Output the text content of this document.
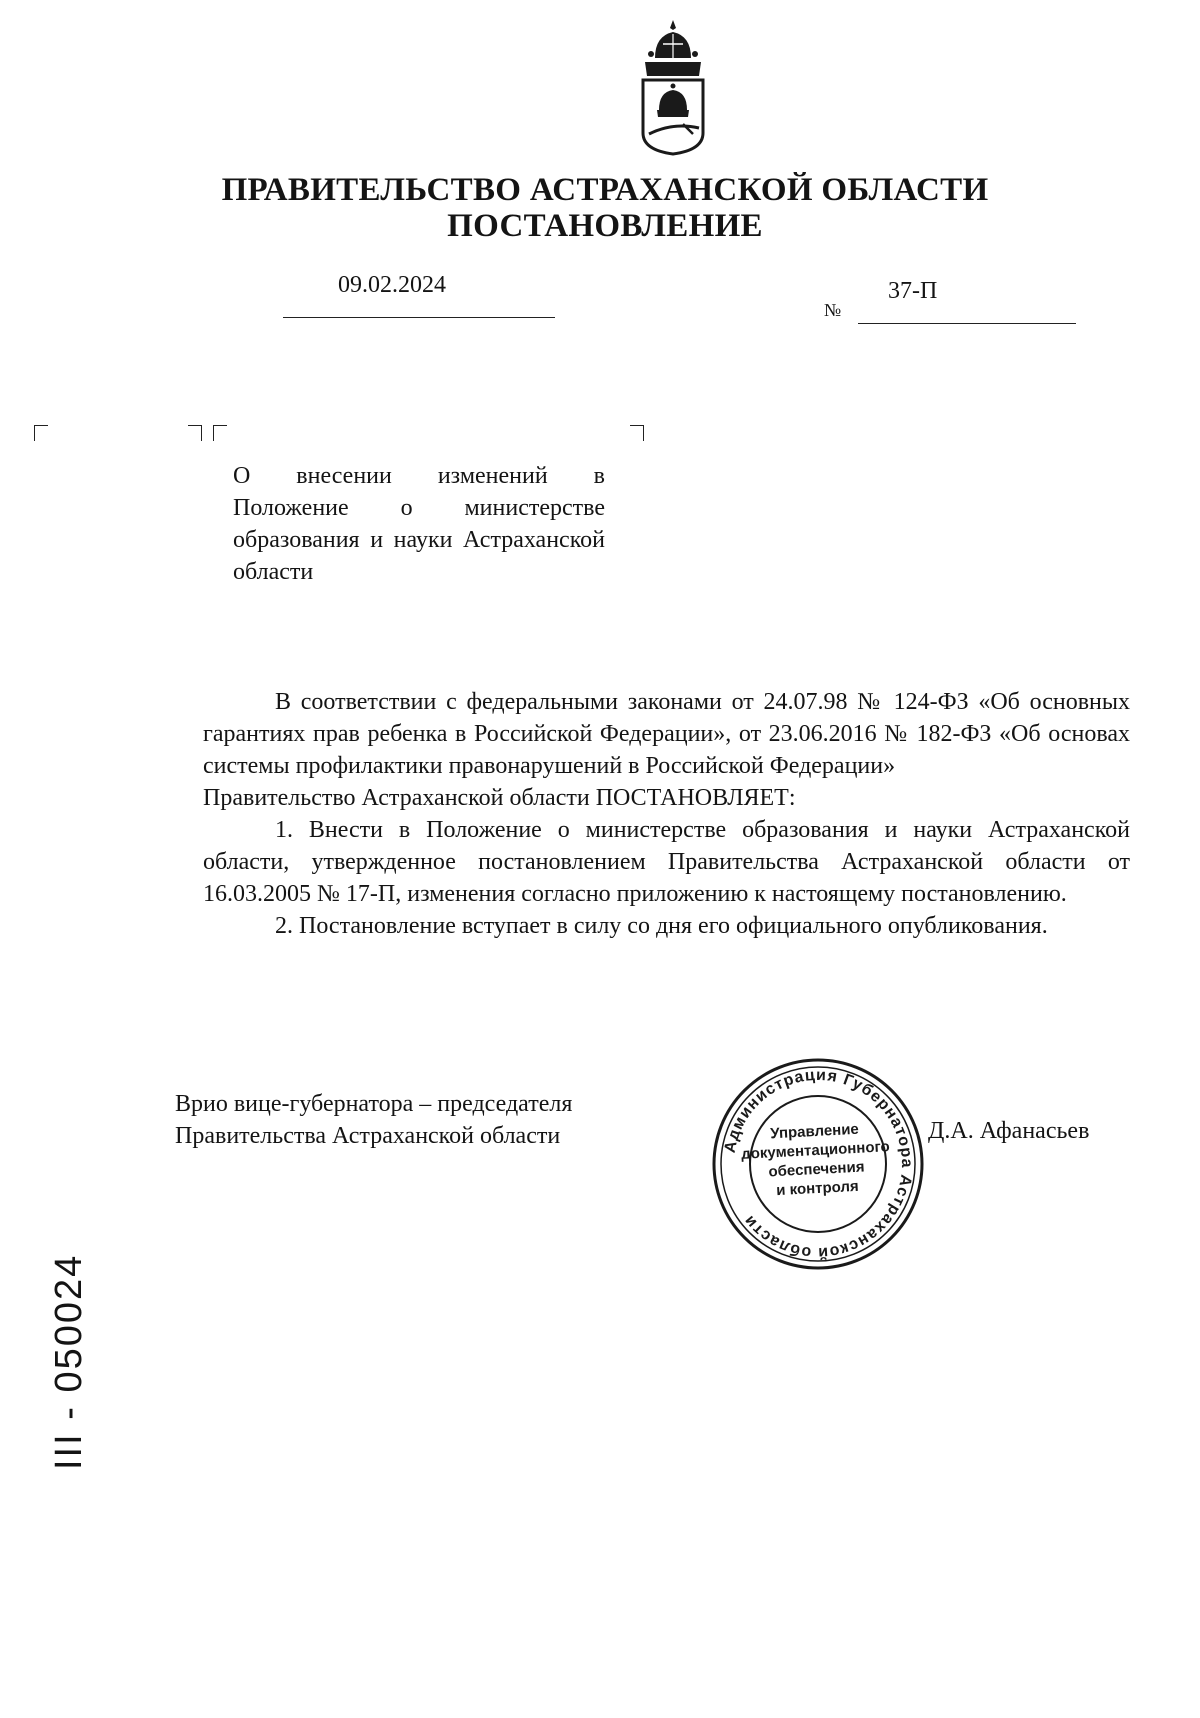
ПРАВИТЕЛЬСТВО АСТРАХАНСКОЙ ОБЛАСТИ
ПОСТАНОВЛЕНИЕ
09.02.2024
№
37-П
О внесении изменений в Положение о министерстве образования и науки Астраханской области

В соответствии с федеральными законами от 24.07.98 № 124-ФЗ «Об основных гарантиях прав ребенка в Российской Федерации», от 23.06.2016 № 182-ФЗ «Об основах системы профилактики правонарушений в Российской Федерации»

Правительство Астраханской области ПОСТАНОВЛЯЕТ:

1. Внести в Положение о министерстве образования и науки Астраханской области, утвержденное постановлением Правительства Астраханской области от 16.03.2005 № 17-П, изменения согласно приложению к настоящему постановлению.

2. Постановление вступает в силу со дня его официального опубликования.

Врио вице-губернатора – председателя
Правительства Астраханской области	Администрация Губернатора Астраханской области
Управление
документационного
обеспечения
и контроля
Д.А. Афанасьев
III - 050024
